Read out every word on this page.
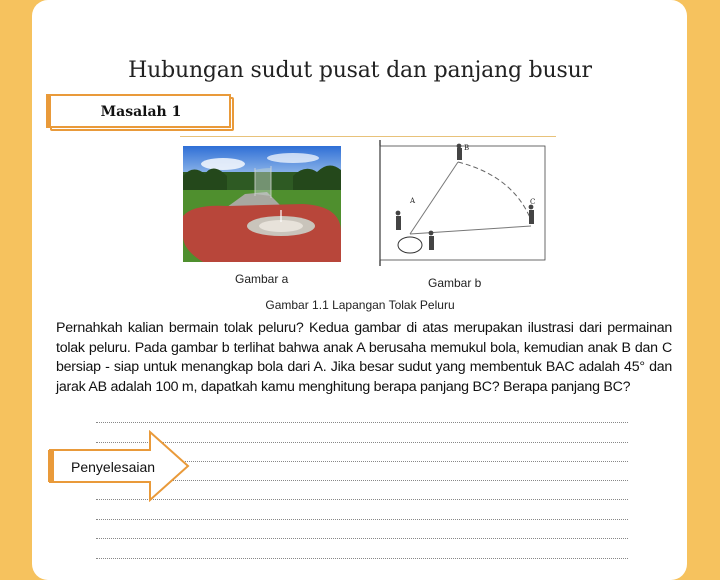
Hubungan sudut pusat dan panjang busur
Masalah 1
B
A	C
Gambar a	Gambar b
Gambar 1.1 Lapangan Tolak Peluru
Pernahkah kalian bermain tolak peluru? Kedua gambar di atas merupakan ilustrasi dari permainan tolak peluru. Pada gambar b terlihat bahwa anak A berusaha memukul bola, kemudian anak B dan C bersiap - siap untuk menangkap bola dari A. Jika besar sudut yang membentuk BAC adalah 45° dan jarak AB adalah 100 m, dapatkah kamu menghitung berapa panjang BC? Berapa panjang BC?
Penyelesaian
